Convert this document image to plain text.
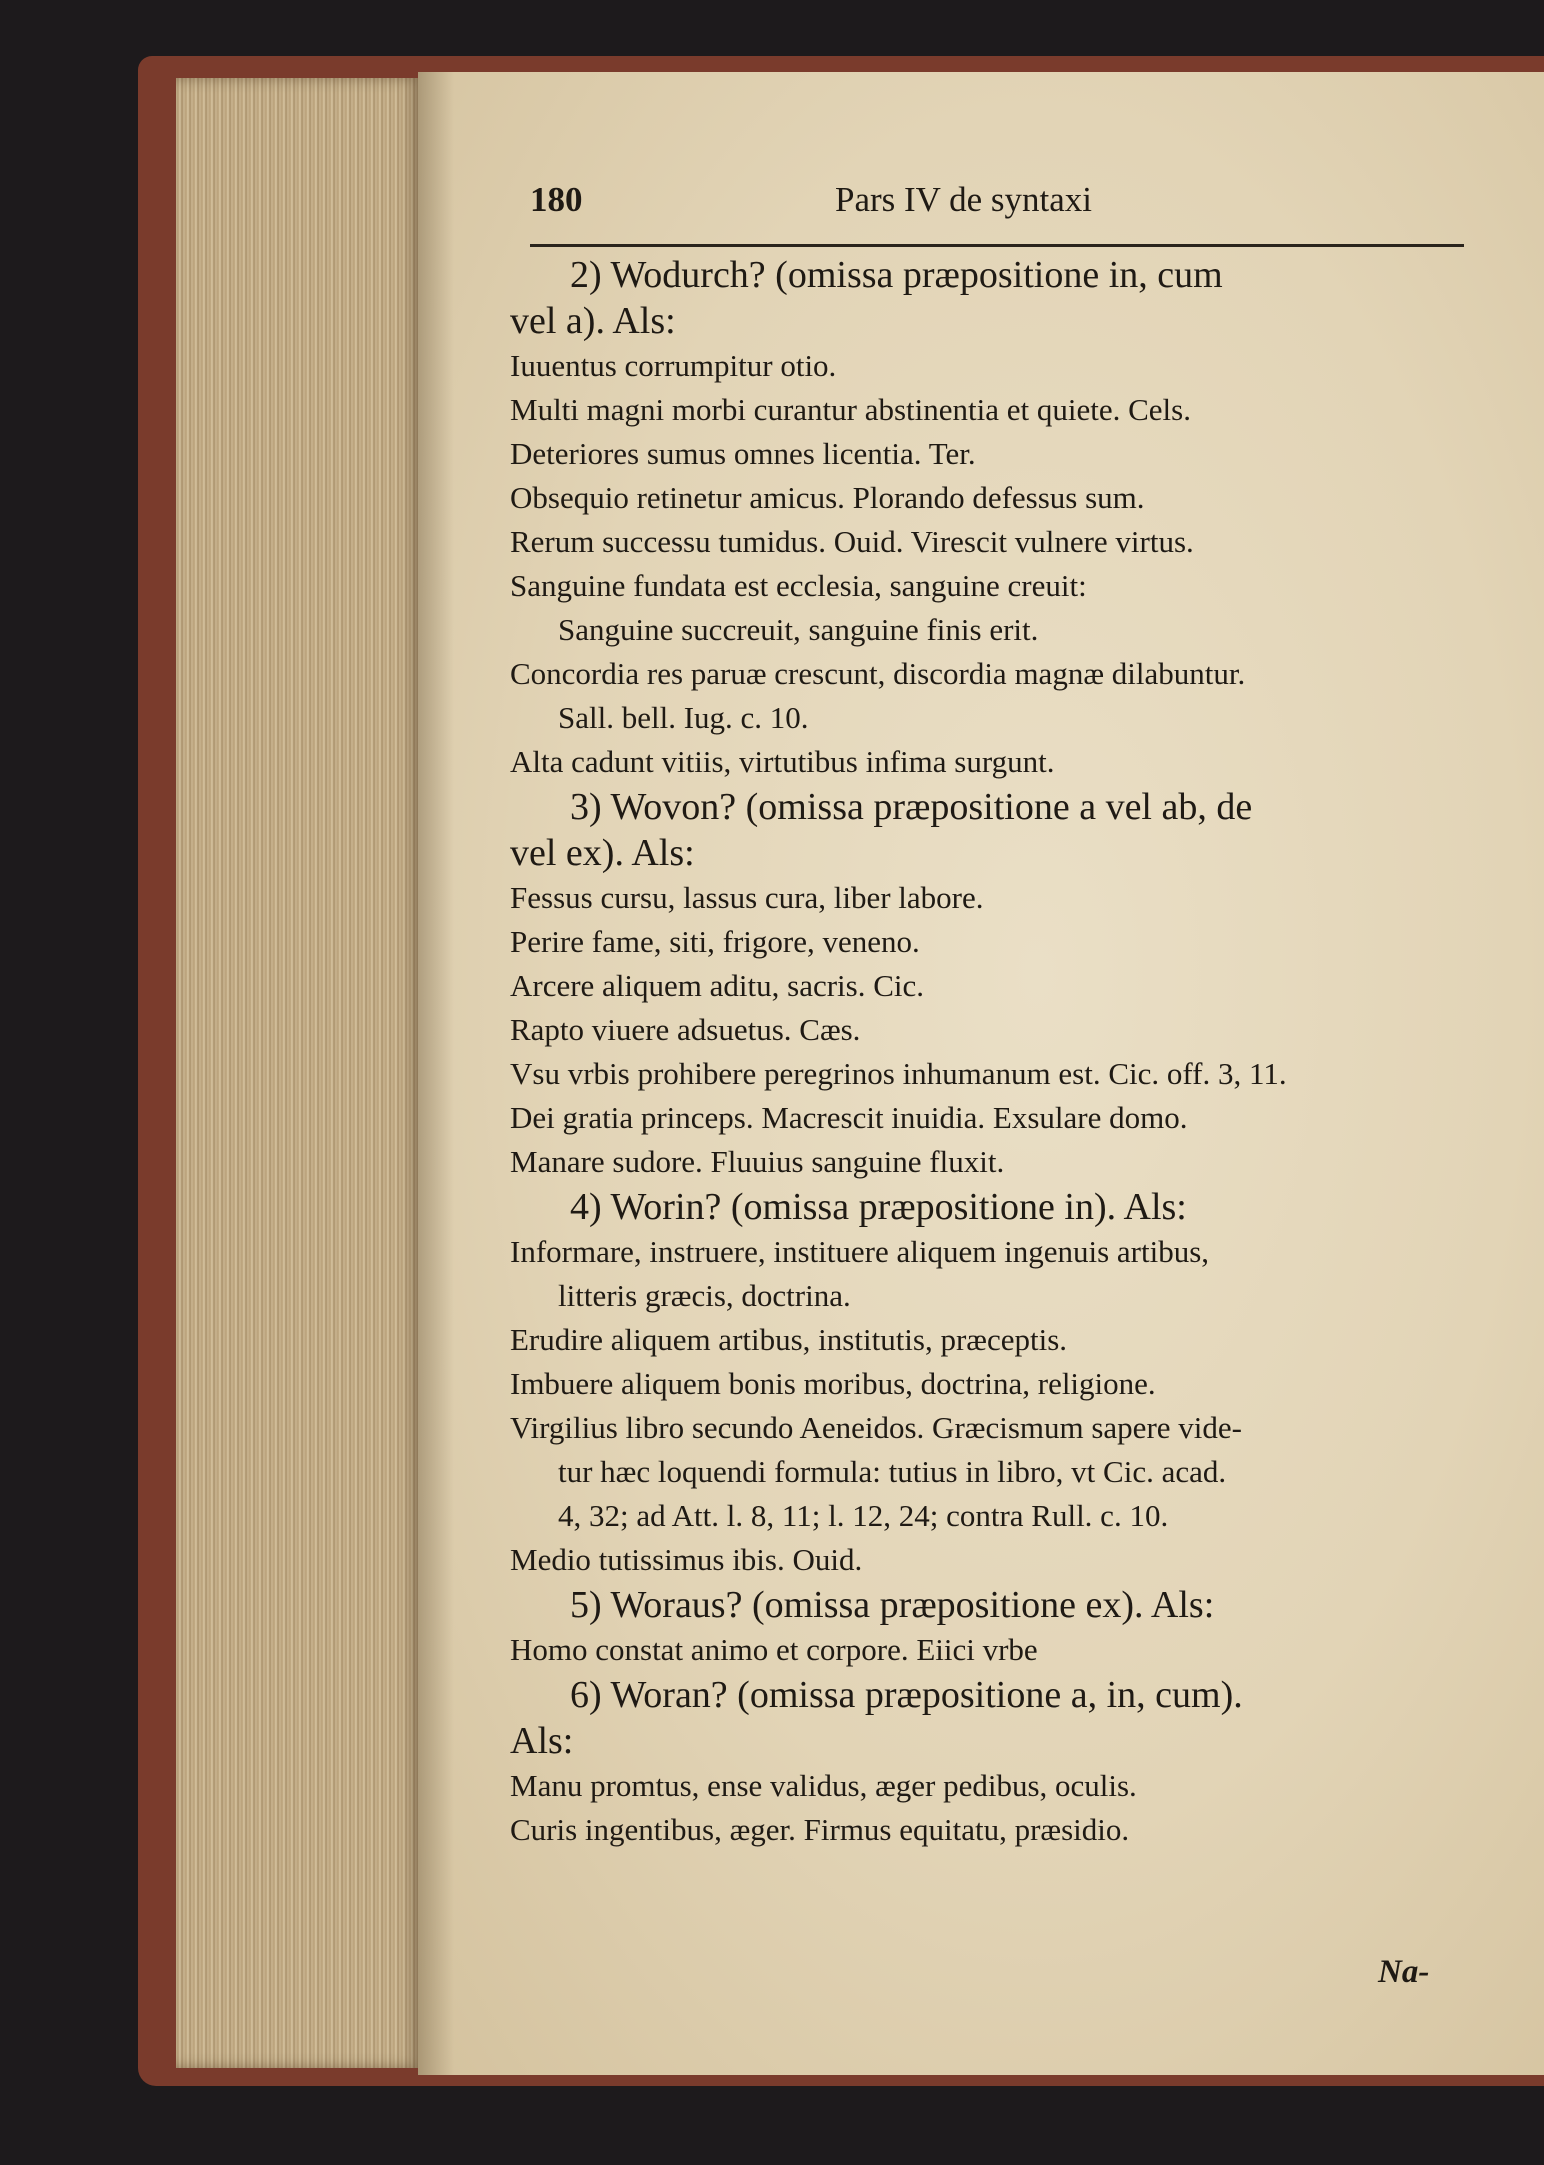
180	Pars IV de syntaxi
2) Wodurch? (omissa præpositione in, cum
vel a). Als:
Iuuentus corrumpitur otio.
Multi magni morbi curantur abstinentia et quiete. Cels.
Deteriores sumus omnes licentia. Ter.
Obsequio retinetur amicus. Plorando defessus sum.
Rerum successu tumidus. Ouid. Virescit vulnere virtus.
Sanguine fundata est ecclesia, sanguine creuit:
Sanguine succreuit, sanguine finis erit.
Concordia res paruæ crescunt, discordia magnæ dilabuntur.
Sall. bell. Iug. c. 10.
Alta cadunt vitiis, virtutibus infima surgunt.
3) Wovon? (omissa præpositione a vel ab, de
vel ex). Als:
Fessus cursu, lassus cura, liber labore.
Perire fame, siti, frigore, veneno.
Arcere aliquem aditu, sacris. Cic.
Rapto viuere adsuetus. Cæs.
Vsu vrbis prohibere peregrinos inhumanum est. Cic. off. 3, 11.
Dei gratia princeps. Macrescit inuidia. Exsulare domo.
Manare sudore. Fluuius sanguine fluxit.
4) Worin? (omissa præpositione in). Als:
Informare, instruere, instituere aliquem ingenuis artibus,
litteris græcis, doctrina.
Erudire aliquem artibus, institutis, præceptis.
Imbuere aliquem bonis moribus, doctrina, religione.
Virgilius libro secundo Aeneidos. Græcismum sapere vide-
tur hæc loquendi formula: tutius in libro, vt Cic. acad.
4, 32; ad Att. l. 8, 11; l. 12, 24; contra Rull. c. 10.
Medio tutissimus ibis. Ouid.
5) Woraus? (omissa præpositione ex). Als:
Homo constat animo et corpore. Eiici vrbe
6) Woran? (omissa præpositione a, in, cum).
Als:
Manu promtus, ense validus, æger pedibus, oculis.
Curis ingentibus, æger. Firmus equitatu, præsidio.
Na-
